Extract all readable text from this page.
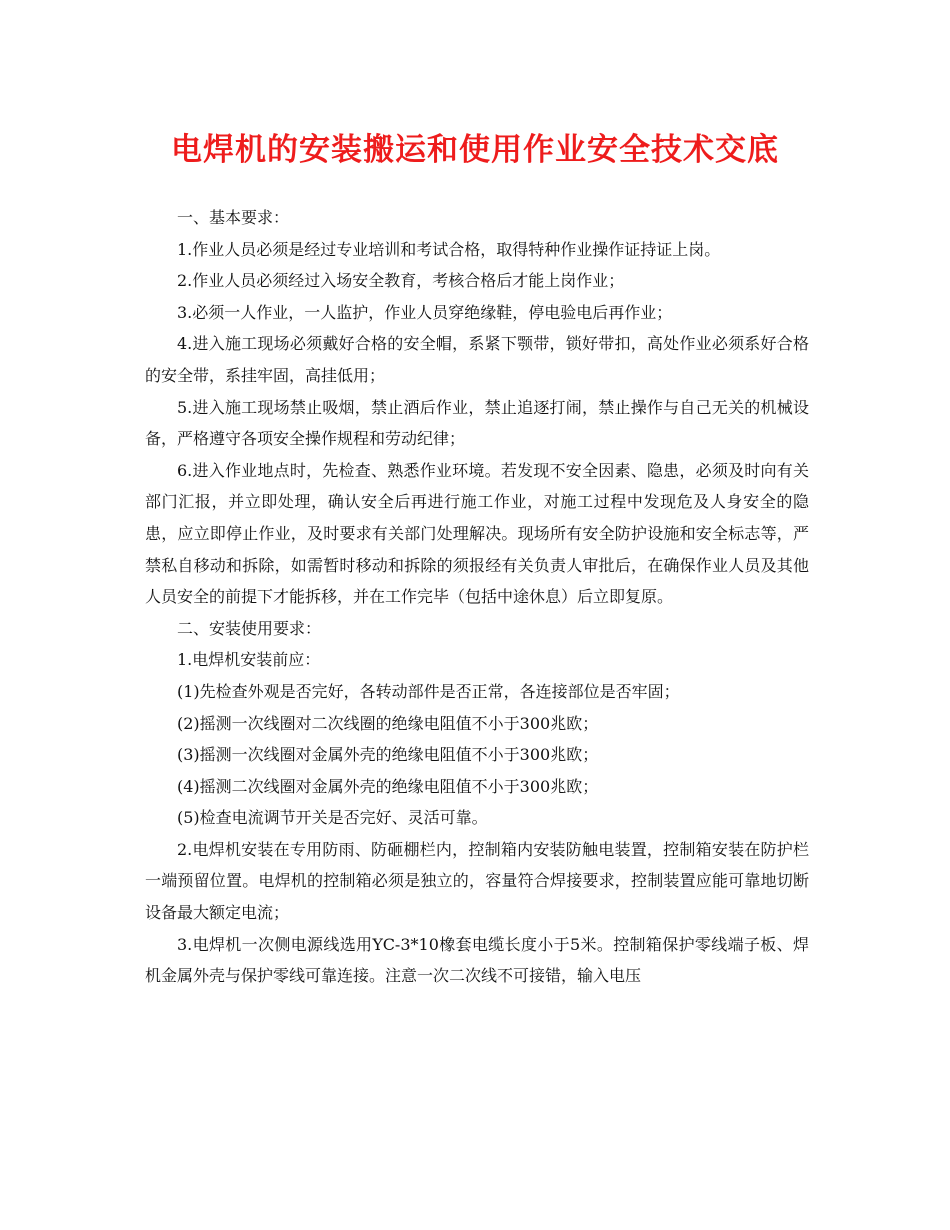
电焊机的安装搬运和使用作业安全技术交底

一、基本要求：

1.作业人员必须是经过专业培训和考试合格，取得特种作业操作证持证上岗。

2.作业人员必须经过入场安全教育，考核合格后才能上岗作业；

3.必须一人作业，一人监护，作业人员穿绝缘鞋，停电验电后再作业；

4.进入施工现场必须戴好合格的安全帽，系紧下颚带，锁好带扣，高处作业必须系好合格的安全带，系挂牢固，高挂低用；

5.进入施工现场禁止吸烟，禁止酒后作业，禁止追逐打闹，禁止操作与自己无关的机械设备，严格遵守各项安全操作规程和劳动纪律；

6.进入作业地点时，先检查、熟悉作业环境。若发现不安全因素、隐患，必须及时向有关部门汇报，并立即处理，确认安全后再进行施工作业，对施工过程中发现危及人身安全的隐患，应立即停止作业，及时要求有关部门处理解决。现场所有安全防护设施和安全标志等，严禁私自移动和拆除，如需暂时移动和拆除的须报经有关负责人审批后，在确保作业人员及其他人员安全的前提下才能拆移，并在工作完毕（包括中途休息）后立即复原。

二、安装使用要求：

1.电焊机安装前应：

(1)先检查外观是否完好，各转动部件是否正常，各连接部位是否牢固；

(2)摇测一次线圈对二次线圈的绝缘电阻值不小于300兆欧；

(3)摇测一次线圈对金属外壳的绝缘电阻值不小于300兆欧；

(4)摇测二次线圈对金属外壳的绝缘电阻值不小于300兆欧；

(5)检查电流调节开关是否完好、灵活可靠。

2.电焊机安装在专用防雨、防砸棚栏内，控制箱内安装防触电装置，控制箱安装在防护栏一端预留位置。电焊机的控制箱必须是独立的，容量符合焊接要求，控制装置应能可靠地切断设备最大额定电流；

3.电焊机一次侧电源线选用YC-3*10橡套电缆长度小于5米。控制箱保护零线端子板、焊机金属外壳与保护零线可靠连接。注意一次二次线不可接错，输入电压
